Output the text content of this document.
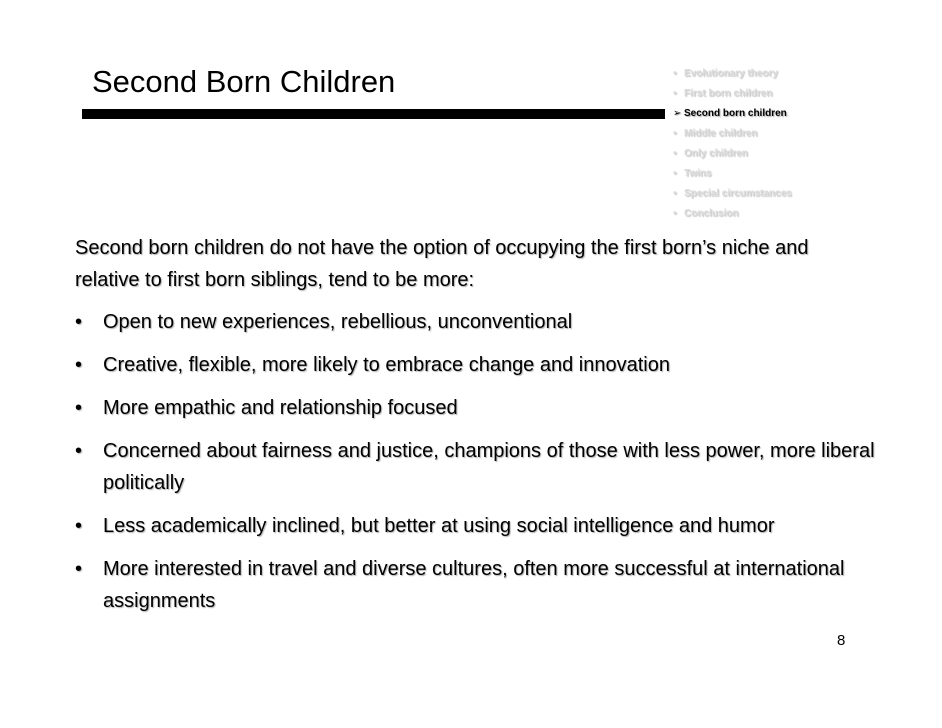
Second Born Children	• Evolutionary theory
• First born children
➢ Second born children
• Middle children
• Only children
• Twins
• Special circumstances
• Conclusion

Second born children do not have the option of occupying the first born’s niche and relative to first born siblings, tend to be more:

• Open to new experiences, rebellious, unconventional
• Creative, flexible, more likely to embrace change and innovation
• More empathic and relationship focused
• Concerned about fairness and justice, champions of those with less power, more liberal politically
• Less academically inclined, but better at using social intelligence and humor
• More interested in travel and diverse cultures, often more successful at international assignments
8
